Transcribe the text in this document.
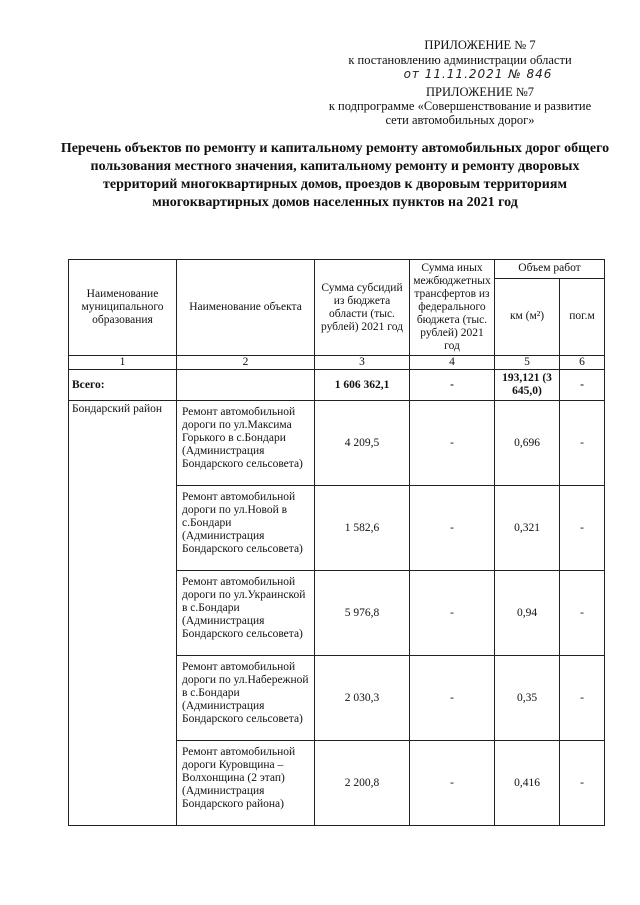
ПРИЛОЖЕНИЕ № 7
к постановлению администрации области
от 11.11.2021 № 846
ПРИЛОЖЕНИЕ №7
к подпрограмме «Совершенствование и развитие
сети автомобильных дорог»
Перечень объектов по ремонту и капитальному ремонту автомобильных дорог общего пользования местного значения, капитальному ремонту и ремонту дворовых территорий многоквартирных домов, проездов к дворовым территориям многоквартирных домов населенных пунктов на 2021 год
Наименование муниципального образования	Наименование объекта	Сумма субсидий из бюджета области (тыс. рублей) 2021 год	Сумма иных межбюджетных трансфертов из федерального бюджета (тыс. рублей) 2021 год	Объем работ	
				км (м²)	пог.м
1	2	3	4	5	6
Всего:		1 606 362,1	-	193,121 (3 645,0)	-
Бондарский район	Ремонт автомобильной дороги по ул.Максима Горького в с.Бондари (Администрация Бондарского сельсовета)	4 209,5	-	0,696	-
	Ремонт автомобильной дороги по ул.Новой в с.Бондари (Администрация Бондарского сельсовета)	1 582,6	-	0,321	-
	Ремонт автомобильной дороги по ул.Украинской в с.Бондари (Администрация Бондарского сельсовета)	5 976,8	-	0,94	-
	Ремонт автомобильной дороги по ул.Набережной в с.Бондари (Администрация Бондарского сельсовета)	2 030,3	-	0,35	-
	Ремонт автомобильной дороги Куровщина – Волхонщина (2 этап) (Администрация Бондарского района)	2 200,8	-	0,416	-
